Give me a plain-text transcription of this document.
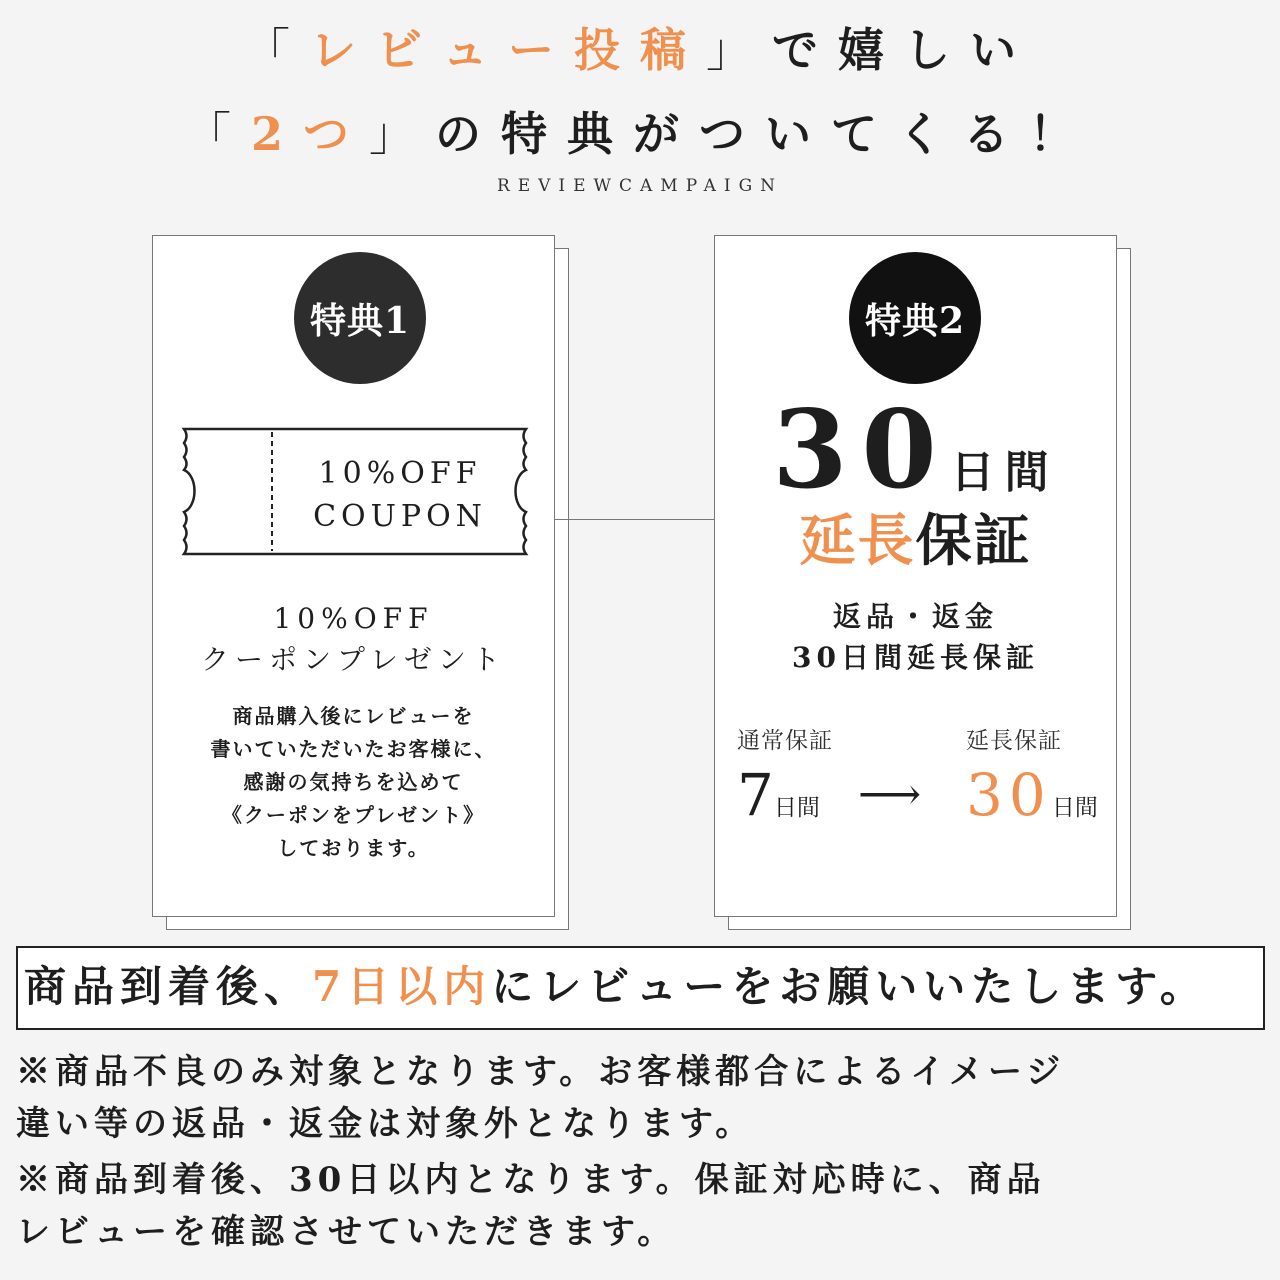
「レビュー投稿」で嬉しい
「2つ」の特典がついてくる！
REVIEWCAMPAIGN
特典1
10%OFF
COUPON
10%OFF
クーポンプレゼント
商品購入後にレビューを
書いていただいたお客様に、
感謝の気持ちを込めて
《クーポンをプレゼント》
しております。
特典2
30日間
延長保証
返品・返金
30日間延長保証
通常保証	延長保証
7日間 ⟶ 30日間
商品到着後、7日以内にレビューをお願いいたします。
※商品不良のみ対象となります。お客様都合によるイメージ
違い等の返品・返金は対象外となります。
※商品到着後、30日以内となります。保証対応時に、商品
レビューを確認させていただきます。
